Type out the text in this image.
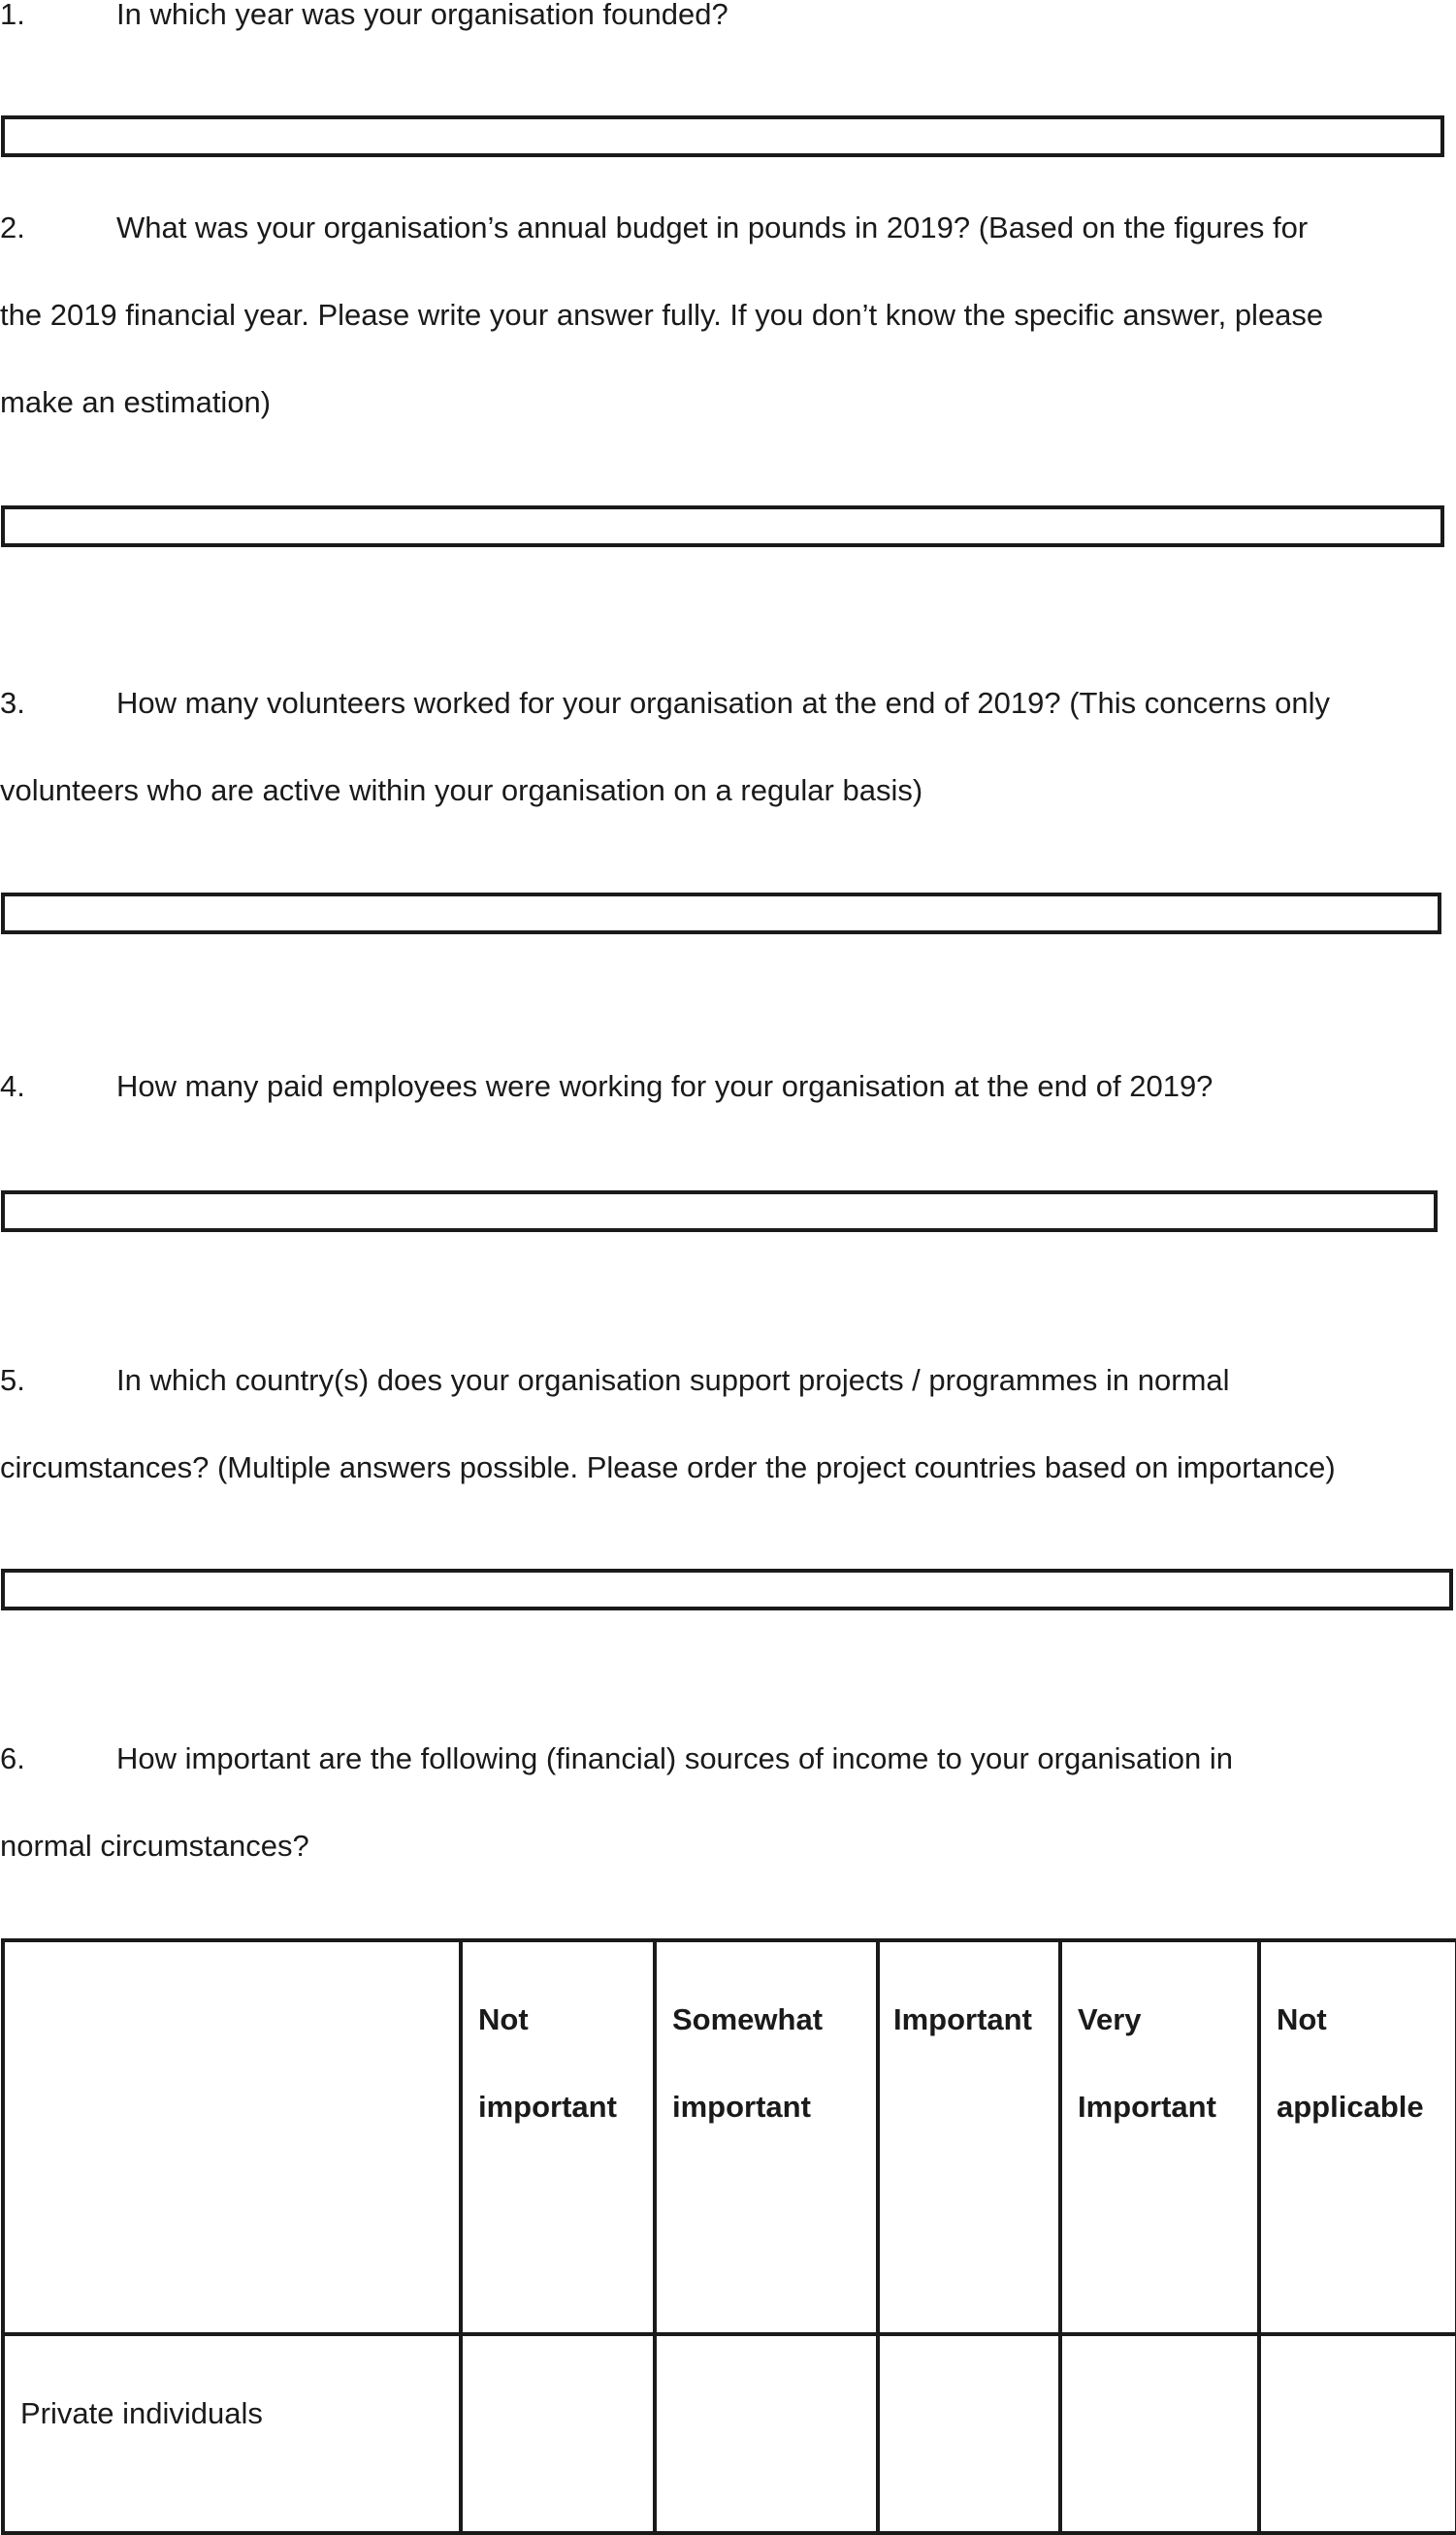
1.	In which year was your organisation founded?
2.	What was your organisation’s annual budget in pounds in 2019? (Based on the figures for
the 2019 financial year. Please write your answer fully. If you don’t know the specific answer, please
make an estimation)
3.	How many volunteers worked for your organisation at the end of 2019? (This concerns only
volunteers who are active within your organisation on a regular basis)
4.	How many paid employees were working for your organisation at the end of 2019?
5.	In which country(s) does your organisation support projects / programmes in normal
circumstances? (Multiple answers possible. Please order the project countries based on importance)
6.	How important are the following (financial) sources of income to your organisation in
normal circumstances?

	Not
important	Somewhat
important	Important	Very
Important	Not
applicable

Private individuals					
